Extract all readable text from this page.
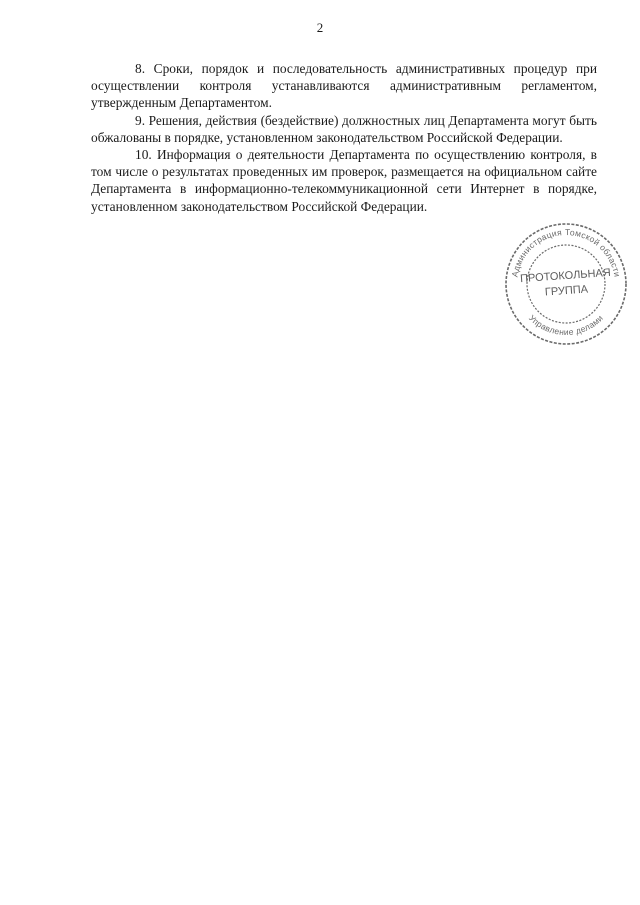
2

8. Сроки, порядок и последовательность административных процедур при осуществлении контроля устанавливаются административным регламентом, утвержденным Департаментом.

9. Решения, действия (бездействие) должностных лиц Департамента могут быть обжалованы в порядке, установленном законодательством Российской Федерации.

10. Информация о деятельности Департамента по осуществлению контроля, в том числе о результатах проведенных им проверок, размещается на официальном сайте Департамента в информационно-телекоммуникационной сети Интернет в порядке, установленном законодательством Российской Федерации.

Администрация Томской области
Управление делами
ПРОТОКОЛЬНАЯ
ГРУППА
